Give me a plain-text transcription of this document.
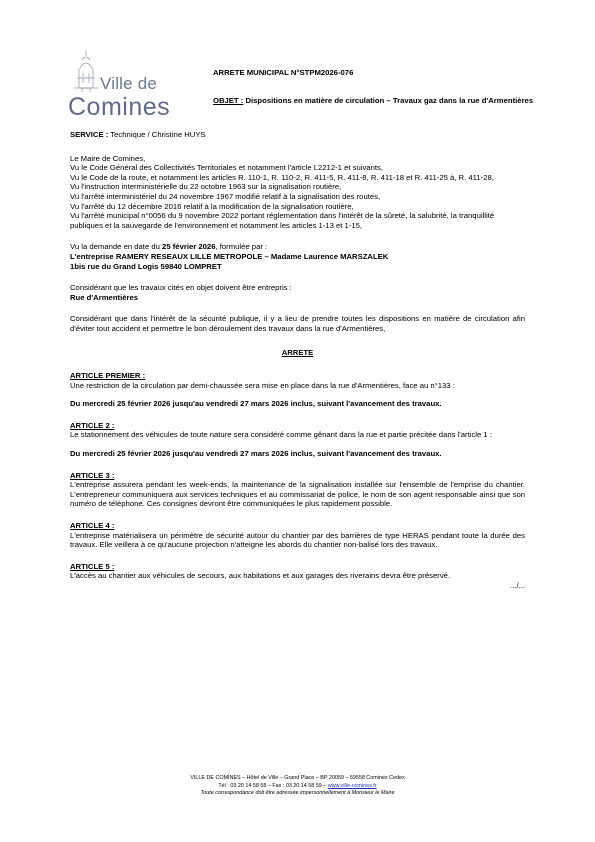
Ville de
Comines
ARRETE MUNICIPAL N°STPM2026-076
OBJET : Dispositions en matière de circulation – Travaux gaz dans la rue d'Armentières

SERVICE : Technique / Christine HUYS

Le Maire de Comines,

Vu le Code Général des Collectivités Territoriales et notamment l'article L2212-1 et suivants,

Vu le Code de la route, et notamment les articles R. 110-1, R. 110-2, R. 411-5, R. 411-8, R. 411-18 et R. 411-25 à, R. 411-28,

Vu l'instruction interministérielle du 22 octobre 1963 sur la signalisation routière,

Vu l'arrêté interministériel du 24 novembre 1967 modifié relatif à la signalisation des routes,

Vu l'arrêté du 12 décembre 2016 relatif à la modification de la signalisation routière,

Vu l'arrêté municipal n°0056 du 9 novembre 2022 portant réglementation dans l'intérêt de la sûreté, la salubrité, la tranquillité publiques et la sauvegarde de l'environnement et notamment les articles 1-13 et 1-15,

Vu la demande en date du 25 février 2026, formulée par :

L'entreprise RAMERY RESEAUX LILLE METROPOLE – Madame Laurence MARSZALEK

1bis rue du Grand Logis 59840 LOMPRET

Considérant que les travaux cités en objet doivent être entrepris :

Rue d'Armentières

Considérant que dans l'intérêt de la sécurité publique, il y a lieu de prendre toutes les dispositions en matière de circulation afin d'éviter tout accident et permettre le bon déroulement des travaux dans la rue d'Armentières,

ARRETE

ARTICLE PREMIER :

Une restriction de la circulation par demi-chaussée sera mise en place dans la rue d'Armentières, face au n°133 :

Du mercredi 25 février 2026 jusqu'au vendredi 27 mars 2026 inclus, suivant l'avancement des travaux.

ARTICLE 2 :

Le stationnement des véhicules de toute nature sera considéré comme gênant dans la rue et partie précitée dans l'article 1 :

Du mercredi 25 février 2026 jusqu'au vendredi 27 mars 2026 inclus, suivant l'avancement des travaux.

ARTICLE 3 :

L'entreprise assurera pendant les week-ends, la maintenance de la signalisation installée sur l'ensemble de l'emprise du chantier. L'entrepreneur communiquera aux services techniques et au commissariat de police, le nom de son agent responsable ainsi que son numéro de téléphone. Ces consignes devront être communiquées le plus rapidement possible.

ARTICLE 4 :

L'entreprise matérialisera un périmètre de sécurité autour du chantier par des barrières de type HERAS pendant toute la durée des travaux. Elle veillera à ce qu'aucune projection n'atteigne les abords du chantier non-balisé lors des travaux.

ARTICLE 5 :

L'accès au chantier aux véhicules de secours, aux habitations et aux garages des riverains devra être préservé.

.../...

VILLE DE COMINES – Hôtel de Ville – Grand Place – BP 20059 – 59558 Comines Cedex
Tél : 03 20 14 58 58 – Fax : 03 20 14 58 59 – www.ville-comines.fr
Toute correspondance doit être adressée impersonnellement à Monsieur le Maire
